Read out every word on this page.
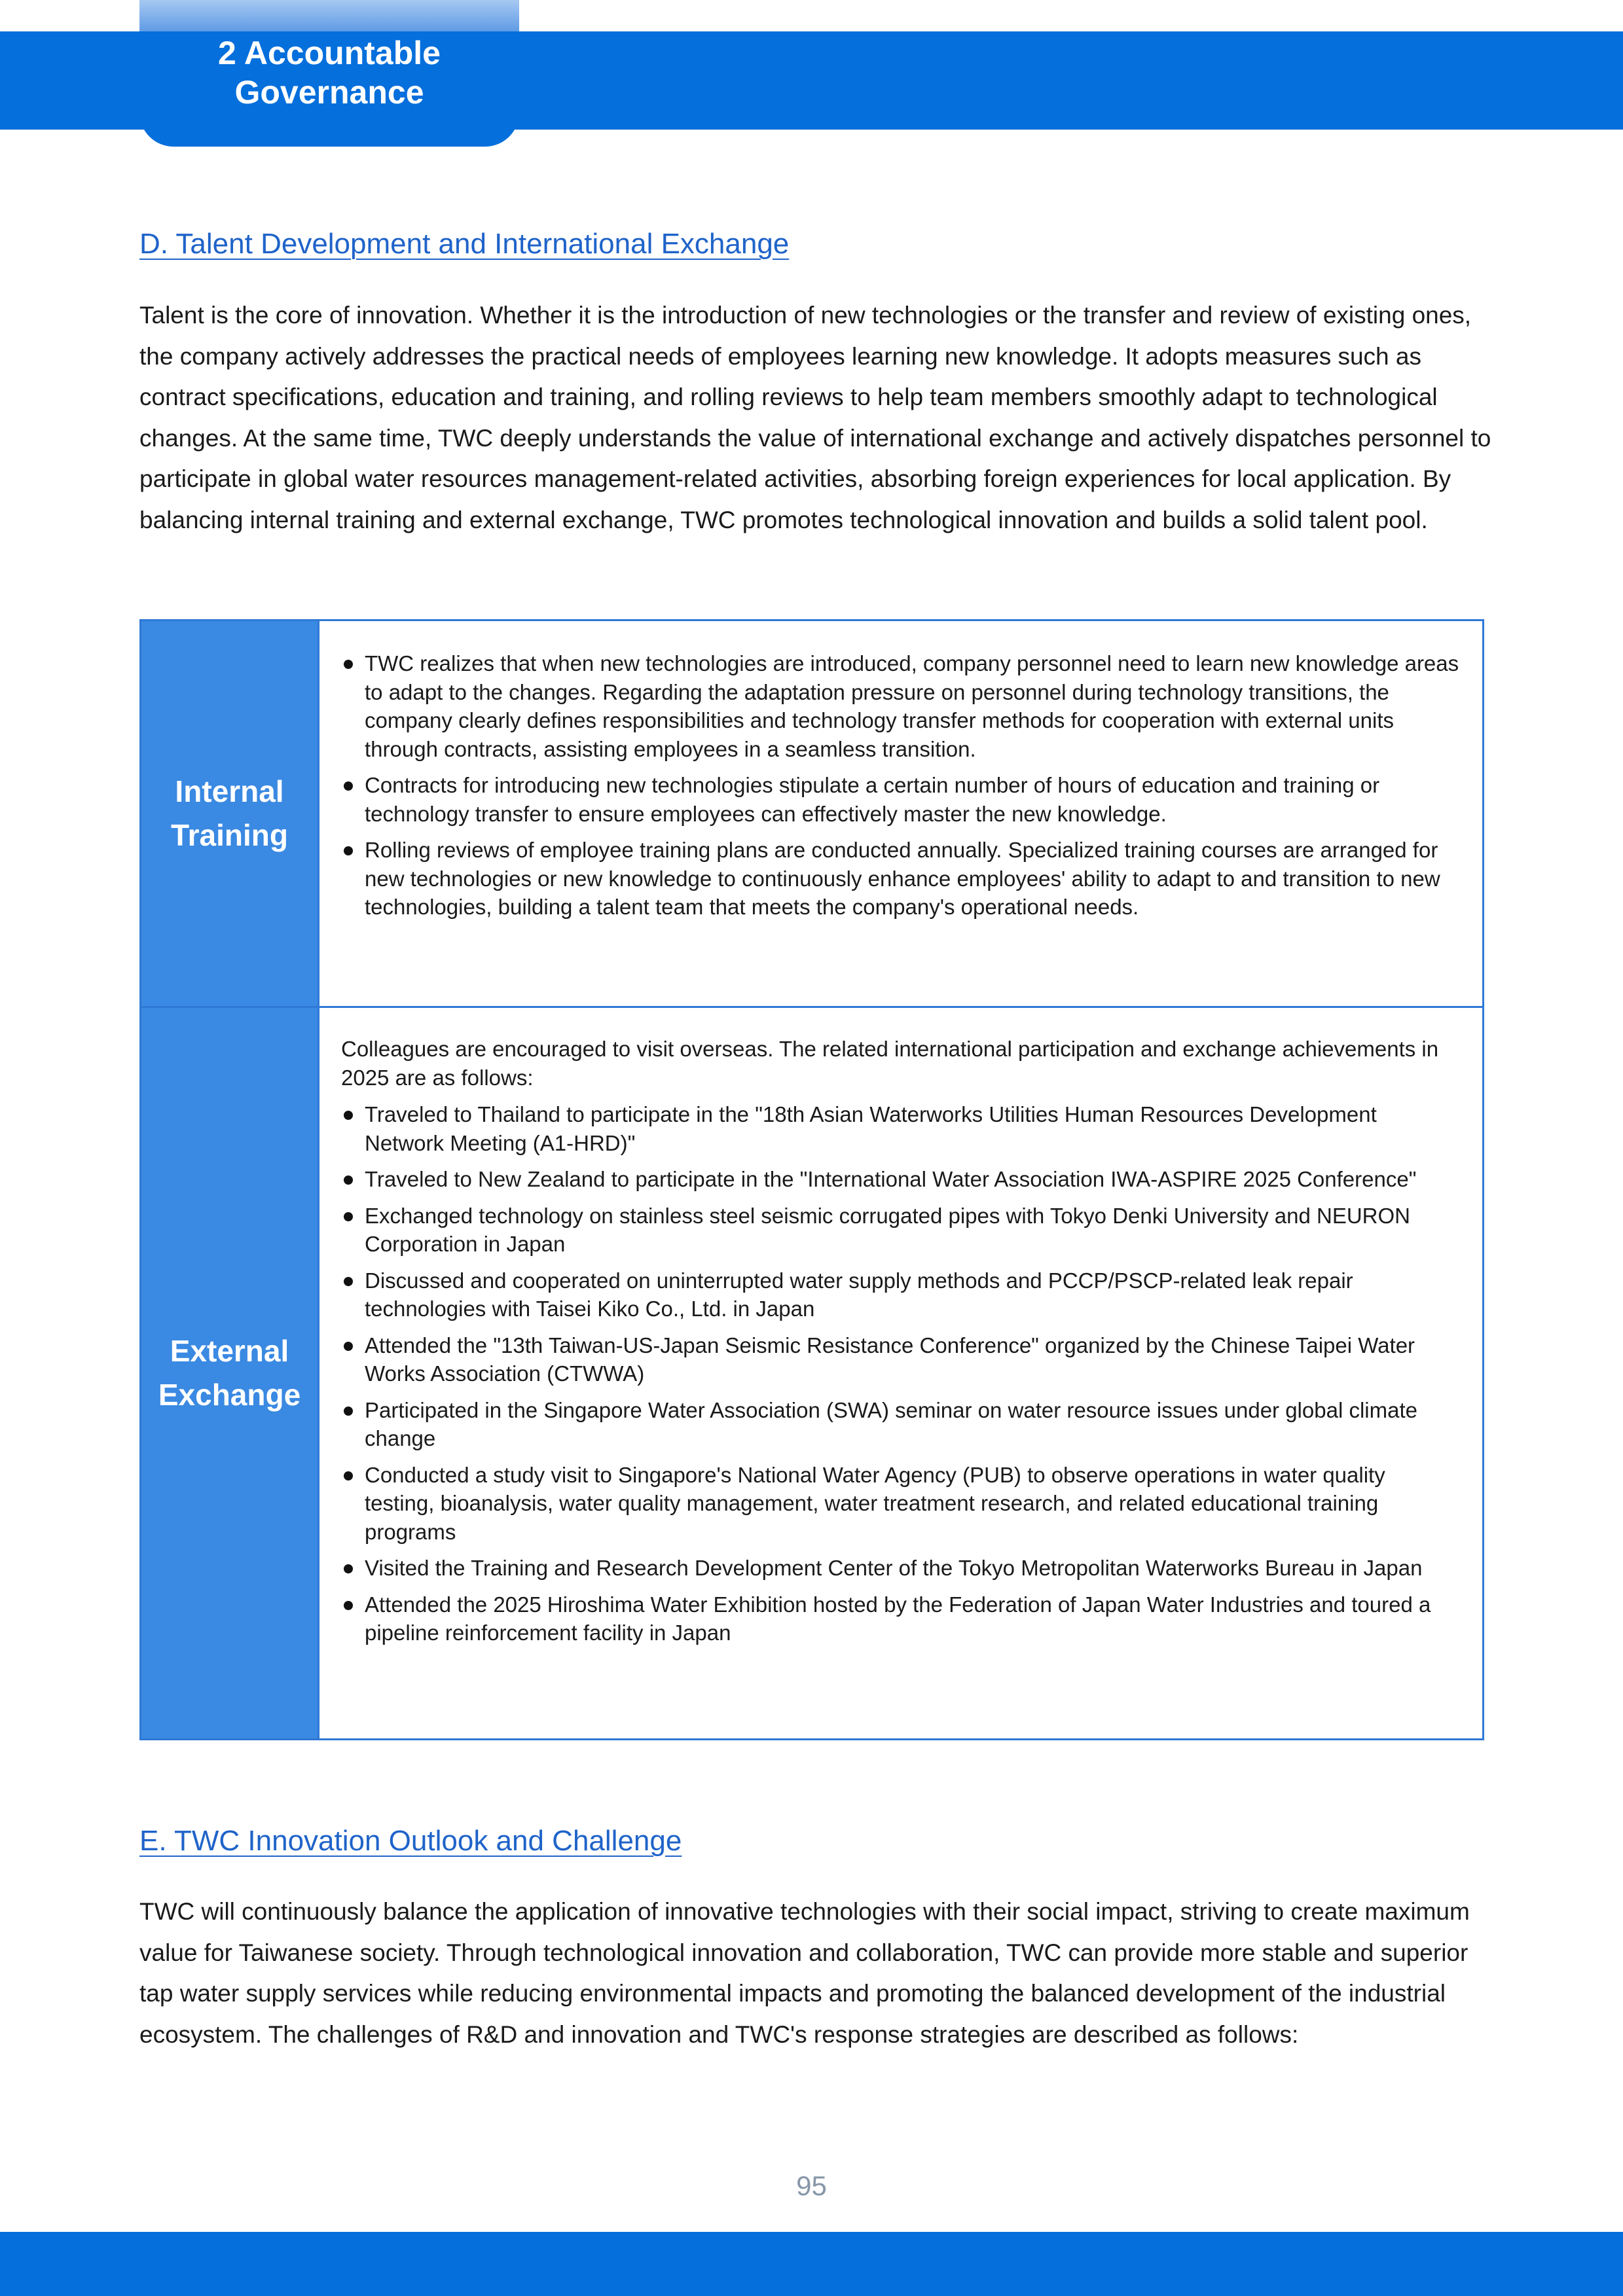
2 Accountable
Governance
D. Talent Development and International Exchange

Talent is the core of innovation. Whether it is the introduction of new technologies or the transfer and review of existing ones, the company actively addresses the practical needs of employees learning new knowledge. It adopts measures such as contract specifications, education and training, and rolling reviews to help team members smoothly adapt to technological changes. At the same time, TWC deeply understands the value of international exchange and actively dispatches personnel to participate in global water resources management-related activities, absorbing foreign experiences for local application. By balancing internal training and external exchange, TWC promotes technological innovation and builds a solid talent pool.

Internal
Training
TWC realizes that when new technologies are introduced, company personnel need to learn new knowledge areas to adapt to the changes. Regarding the adaptation pressure on personnel during technology transitions, the company clearly defines responsibilities and technology transfer methods for cooperation with external units through contracts, assisting employees in a seamless transition.
Contracts for introducing new technologies stipulate a certain number of hours of education and training or technology transfer to ensure employees can effectively master the new knowledge.
Rolling reviews of employee training plans are conducted annually. Specialized training courses are arranged for new technologies or new knowledge to continuously enhance employees' ability to adapt to and transition to new technologies, building a talent team that meets the company's operational needs.
External
Exchange

Colleagues are encouraged to visit overseas. The related international participation and exchange achievements in 2025 are as follows:

Traveled to Thailand to participate in the "18th Asian Waterworks Utilities Human Resources Development Network Meeting (A1-HRD)"
Traveled to New Zealand to participate in the "International Water Association IWA-ASPIRE 2025 Conference"
Exchanged technology on stainless steel seismic corrugated pipes with Tokyo Denki University and NEURON Corporation in Japan
Discussed and cooperated on uninterrupted water supply methods and PCCP/PSCP-related leak repair technologies with Taisei Kiko Co., Ltd. in Japan
Attended the "13th Taiwan-US-Japan Seismic Resistance Conference" organized by the Chinese Taipei Water Works Association (CTWWA)
Participated in the Singapore Water Association (SWA) seminar on water resource issues under global climate change
Conducted a study visit to Singapore's National Water Agency (PUB) to observe operations in water quality testing, bioanalysis, water quality management, water treatment research, and related educational training programs
Visited the Training and Research Development Center of the Tokyo Metropolitan Waterworks Bureau in Japan
Attended the 2025 Hiroshima Water Exhibition hosted by the Federation of Japan Water Industries and toured a pipeline reinforcement facility in Japan
E. TWC Innovation Outlook and Challenge

TWC will continuously balance the application of innovative technologies with their social impact, striving to create maximum value for Taiwanese society. Through technological innovation and collaboration, TWC can provide more stable and superior tap water supply services while reducing environmental impacts and promoting the balanced development of the industrial ecosystem. The challenges of R&D and innovation and TWC's response strategies are described as follows:

95
